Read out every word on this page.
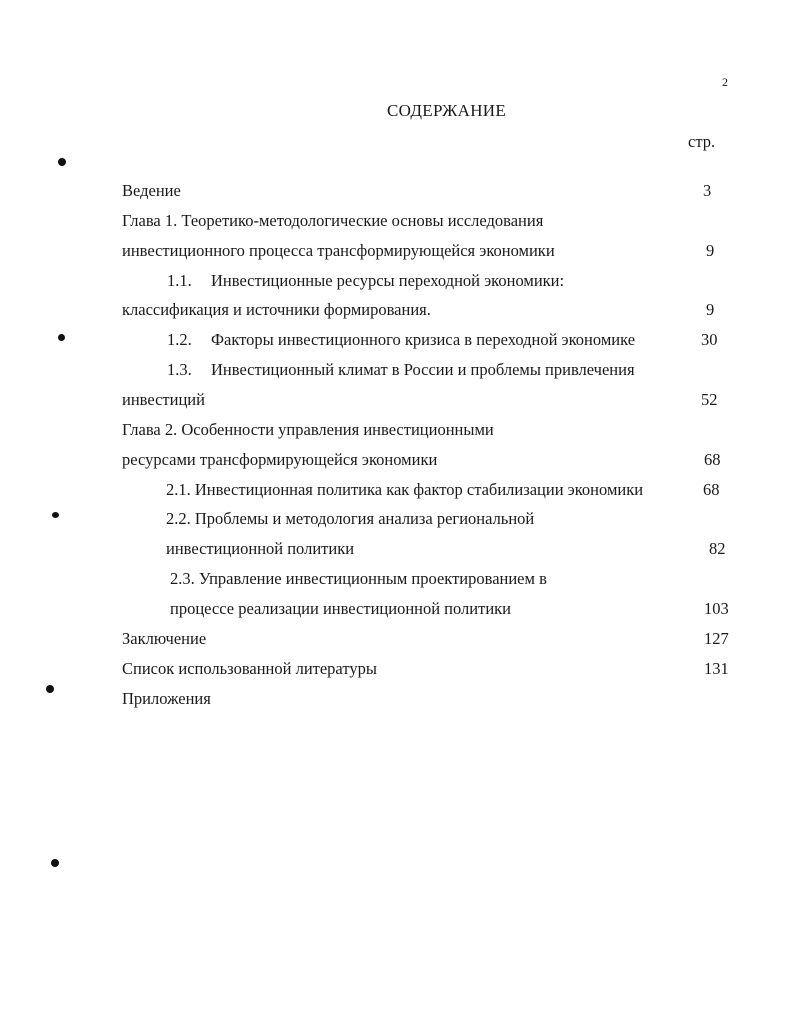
2
СОДЕРЖАНИЕ
стр.
Ведение	3
Глава 1. Теоретико-методологические основы исследования
инвестиционного процесса трансформирующейся экономики	9
1.1. Инвестиционные ресурсы переходной экономики:
классификация и источники формирования.	9
1.2. Факторы инвестиционного кризиса в переходной экономике	30
1.3. Инвестиционный климат в России и проблемы привлечения
инвестиций	52
Глава 2. Особенности управления инвестиционными
ресурсами трансформирующейся экономики	68
2.1. Инвестиционная политика как фактор стабилизации экономики	68
2.2. Проблемы и методология анализа региональной
инвестиционной политики	82
2.3. Управление инвестиционным проектированием в
процессе реализации инвестиционной политики	103
Заключение	127
Список использованной литературы	131
Приложения
